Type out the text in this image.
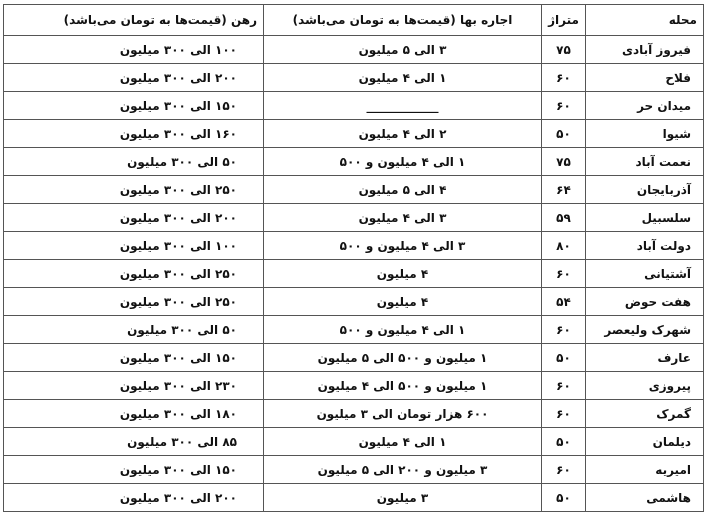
محله	متراژ	اجاره بها (قیمت‌ها به تومان می‌باشد)	رهن (قیمت‌ها به تومان می‌باشد)
فیروز آبادی	۷۵	۳ الی ۵ میلیون	۱۰۰ الی ۳۰۰ میلیون
فلاح	۶۰	۱ الی ۴ میلیون	۲۰۰ الی ۳۰۰ میلیون
میدان حر	۶۰	____________	۱۵۰ الی ۳۰۰ میلیون
شیوا	۵۰	۲ الی ۴ میلیون	۱۶۰ الی ۳۰۰ میلیون
نعمت آباد	۷۵	۱ الی ۴ میلیون و ۵۰۰	۵۰ الی ۳۰۰ میلیون
آذربایجان	۶۴	۴ الی ۵ میلیون	۲۵۰ الی ۳۰۰ میلیون
سلسبیل	۵۹	۳ الی ۴ میلیون	۲۰۰ الی ۳۰۰ میلیون
دولت آباد	۸۰	۳ الی ۴ میلیون و ۵۰۰	۱۰۰ الی ۳۰۰ میلیون
آشتیانی	۶۰	۴ میلیون	۲۵۰ الی ۳۰۰ میلیون
هفت حوض	۵۴	۴ میلیون	۲۵۰ الی ۳۰۰ میلیون
شهرک ولیعصر	۶۰	۱ الی ۴ میلیون و ۵۰۰	۵۰ الی ۳۰۰ میلیون
عارف	۵۰	۱ میلیون و ۵۰۰ الی ۵ میلیون	۱۵۰ الی ۳۰۰ میلیون
پیروزی	۶۰	۱ میلیون و ۵۰۰ الی ۴ میلیون	۲۳۰ الی ۳۰۰ میلیون
گمرک	۶۰	۶۰۰ هزار تومان الی ۳ میلیون	۱۸۰ الی ۳۰۰ میلیون
دیلمان	۵۰	۱ الی ۴ میلیون	۸۵ الی ۳۰۰ میلیون
امیریه	۶۰	۳ میلیون و ۲۰۰ الی ۵ میلیون	۱۵۰ الی ۳۰۰ میلیون
هاشمی	۵۰	۳ میلیون	۲۰۰ الی ۳۰۰ میلیون
